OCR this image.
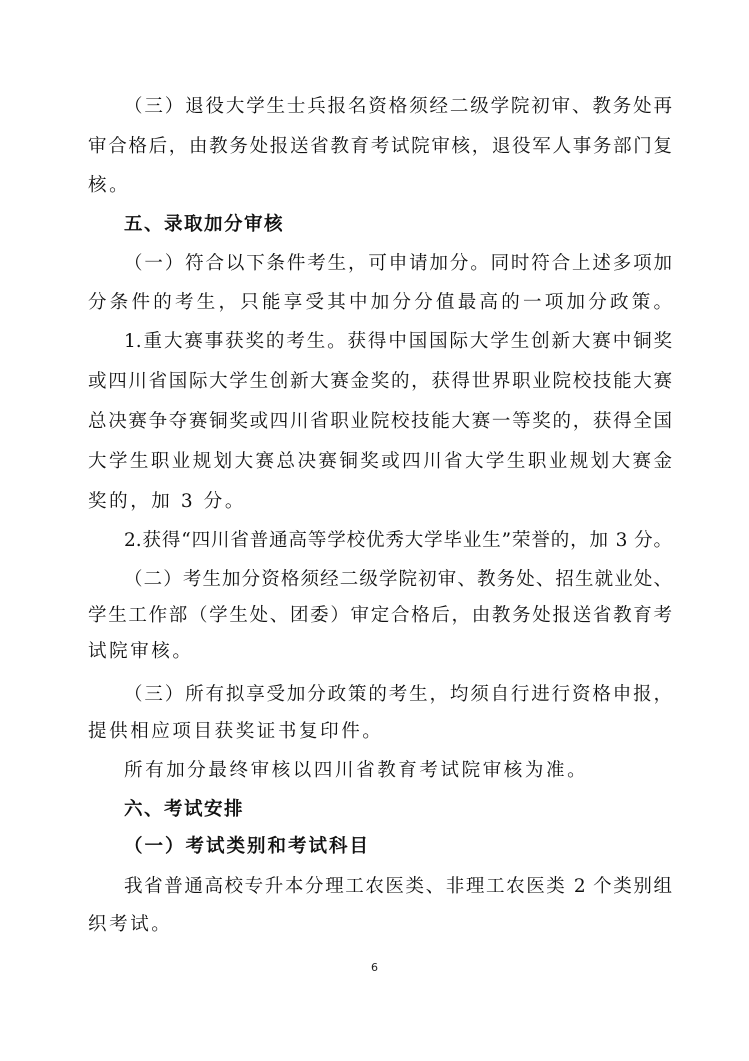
（三）退役大学生士兵报名资格须经二级学院初审、教务处再
审合格后，由教务处报送省教育考试院审核，退役军人事务部门复
核。
五、录取加分审核
（一）符合以下条件考生，可申请加分。同时符合上述多项加
分条件的考生，只能享受其中加分分值最高的一项加分政策。
1.重大赛事获奖的考生。获得中国国际大学生创新大赛中铜奖
或四川省国际大学生创新大赛金奖的，获得世界职业院校技能大赛
总决赛争夺赛铜奖或四川省职业院校技能大赛一等奖的，获得全国
大学生职业规划大赛总决赛铜奖或四川省大学生职业规划大赛金
奖的，加 3 分。
2.获得“四川省普通高等学校优秀大学毕业生”荣誉的，加 3 分。
（二）考生加分资格须经二级学院初审、教务处、招生就业处、
学生工作部（学生处、团委）审定合格后，由教务处报送省教育考
试院审核。
（三）所有拟享受加分政策的考生，均须自行进行资格申报，
提供相应项目获奖证书复印件。
所有加分最终审核以四川省教育考试院审核为准。
六、考试安排
（一）考试类别和考试科目
我省普通高校专升本分理工农医类、非理工农医类 2 个类别组
织考试。
6
